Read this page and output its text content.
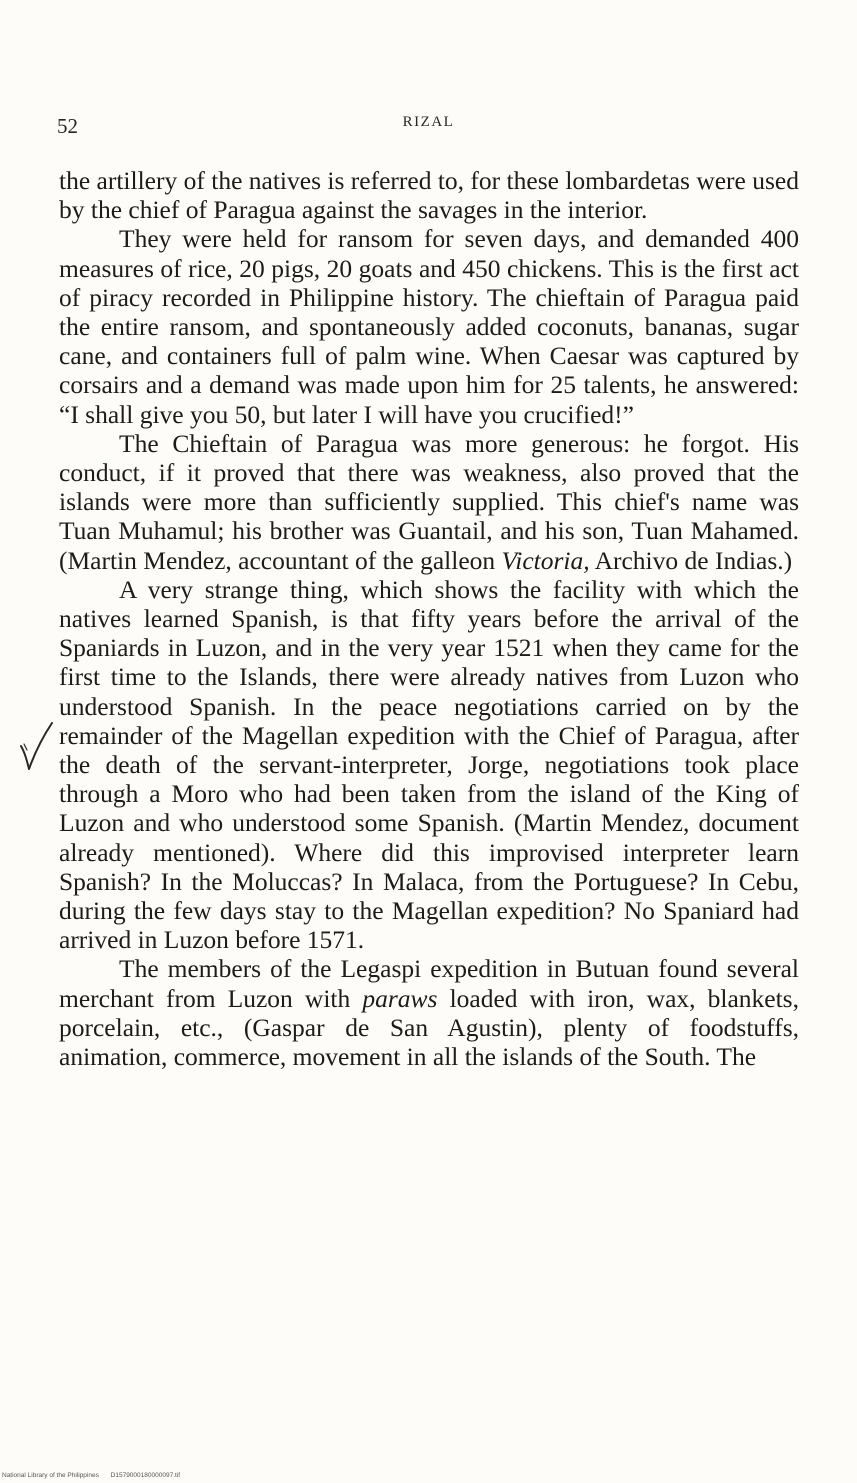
52	RIZAL

the artillery of the natives is referred to, for these lombardetas were used by the chief of Paragua against the savages in the interior.

They were held for ransom for seven days, and demanded 400 measures of rice, 20 pigs, 20 goats and 450 chickens. This is the first act of piracy recorded in Philippine history. The chieftain of Paragua paid the entire ransom, and spontaneously added coconuts, bananas, sugar cane, and containers full of palm wine. When Caesar was captured by corsairs and a demand was made upon him for 25 talents, he answered: “I shall give you 50, but later I will have you crucified!”

The Chieftain of Paragua was more generous: he forgot. His conduct, if it proved that there was weakness, also proved that the islands were more than sufficiently supplied. This chief's name was Tuan Muhamul; his brother was Guantail, and his son, Tuan Mahamed. (Martin Mendez, accountant of the galleon Victoria, Archivo de Indias.)

A very strange thing, which shows the facility with which the natives learned Spanish, is that fifty years before the arrival of the Spaniards in Luzon, and in the very year 1521 when they came for the first time to the Islands, there were already natives from Luzon who understood Spanish. In the peace negotiations carried on by the remainder of the Magellan expedition with the Chief of Paragua, after the death of the servant-interpreter, Jorge, negotiations took place through a Moro who had been taken from the island of the King of Luzon and who understood some Spanish. (Martin Mendez, document already mentioned). Where did this improvised interpreter learn Spanish? In the Moluccas? In Malaca, from the Portuguese? In Cebu, during the few days stay to the Magellan expedition? No Spaniard had arrived in Luzon before 1571.

The members of the Legaspi expedition in Butuan found several merchant from Luzon with paraws loaded with iron, wax, blankets, porcelain, etc., (Gaspar de San Agustin), plenty of foodstuffs, animation, commerce, movement in all the islands of the South. The

National Library of the Philippines D1579000180000097.tif
